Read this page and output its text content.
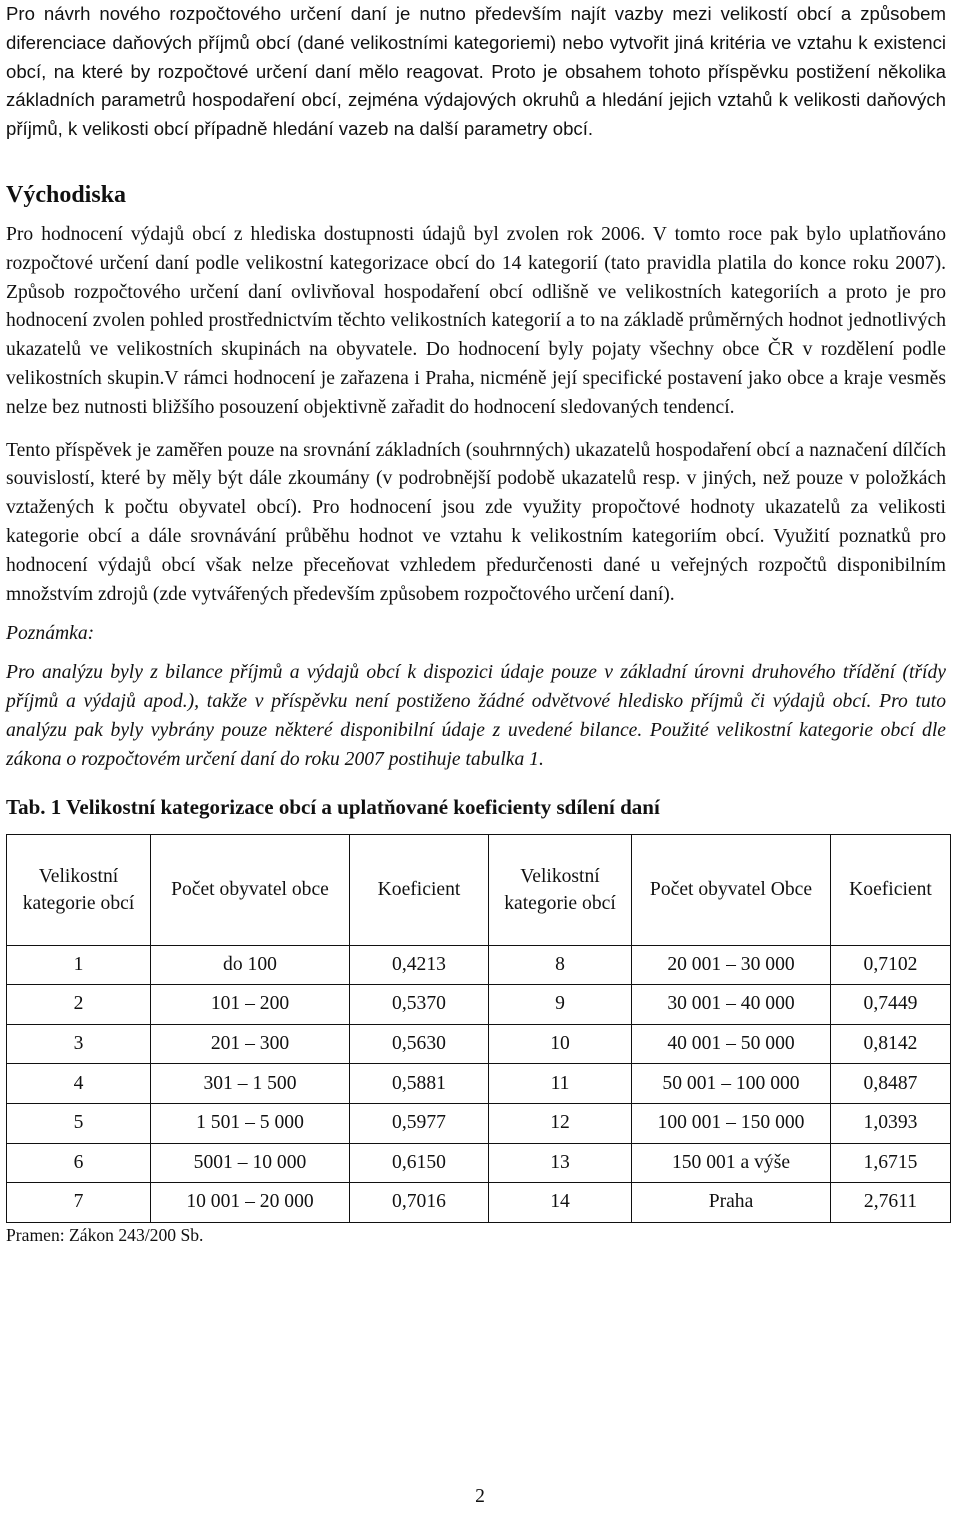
Pro návrh nového rozpočtového určení daní je nutno především najít vazby mezi velikostí obcí a způsobem diferenciace daňových příjmů obcí (dané velikostními kategoriemi) nebo vytvořit jiná kritéria ve vztahu k existenci obcí, na které by rozpočtové určení daní mělo reagovat. Proto je obsahem tohoto příspěvku postižení několika základních parametrů hospodaření obcí, zejména výdajových okruhů a hledání jejich vztahů k velikosti daňových příjmů, k velikosti obcí případně hledání vazeb na další parametry obcí.

Východiska

Pro hodnocení výdajů obcí z hlediska dostupnosti údajů byl zvolen rok 2006. V tomto roce pak bylo uplatňováno rozpočtové určení daní podle velikostní kategorizace obcí do 14 kategorií (tato pravidla platila do konce roku 2007). Způsob rozpočtového určení daní ovlivňoval hospodaření obcí odlišně ve velikostních kategoriích a proto je pro hodnocení zvolen pohled prostřednictvím těchto velikostních kategorií a to na základě průměrných hodnot jednotlivých ukazatelů ve velikostních skupinách na obyvatele. Do hodnocení byly pojaty všechny obce ČR v rozdělení podle velikostních skupin.V rámci hodnocení je zařazena i Praha, nicméně její specifické postavení jako obce a kraje vesměs nelze bez nutnosti bližšího posouzení objektivně zařadit do hodnocení sledovaných tendencí.

Tento příspěvek je zaměřen pouze na srovnání základních (souhrnných) ukazatelů hospodaření obcí a naznačení dílčích souvislostí, které by měly být dále zkoumány (v podrobnější podobě ukazatelů resp. v jiných, než pouze v položkách vztažených k počtu obyvatel obcí). Pro hodnocení jsou zde využity propočtové hodnoty ukazatelů za velikosti kategorie obcí a dále srovnávání průběhu hodnot ve vztahu k velikostním kategoriím obcí. Využití poznatků pro hodnocení výdajů obcí však nelze přeceňovat vzhledem předurčenosti dané u veřejných rozpočtů disponibilním množstvím zdrojů (zde vytvářených především způsobem rozpočtového určení daní).

Poznámka:

Pro analýzu byly z bilance příjmů a výdajů obcí k dispozici údaje pouze v základní úrovni druhového třídění (třídy příjmů a výdajů apod.), takže v příspěvku není postiženo žádné odvětvové hledisko příjmů či výdajů obcí. Pro tuto analýzu pak byly vybrány pouze některé disponibilní údaje z uvedené bilance. Použité velikostní kategorie obcí dle zákona o rozpočtovém určení daní do roku 2007 postihuje tabulka 1.

Tab. 1 Velikostní kategorizace obcí a uplatňované koeficienty sdílení daní

Velikostní kategorie obcí	Počet obyvatel obce	Koeficient	Velikostní kategorie obcí	Počet obyvatel Obce	Koeficient
1	do 100	0,4213	8	20 001 – 30 000	0,7102
2	101 – 200	0,5370	9	30 001 – 40 000	0,7449
3	201 – 300	0,5630	10	40 001 – 50 000	0,8142
4	301 – 1 500	0,5881	11	50 001 – 100 000	0,8487
5	1 501 – 5 000	0,5977	12	100 001 – 150 000	1,0393
6	5001 – 10 000	0,6150	13	150 001 a výše	1,6715
7	10 001 – 20 000	0,7016	14	Praha	2,7611

Pramen: Zákon 243/200 Sb.

2
